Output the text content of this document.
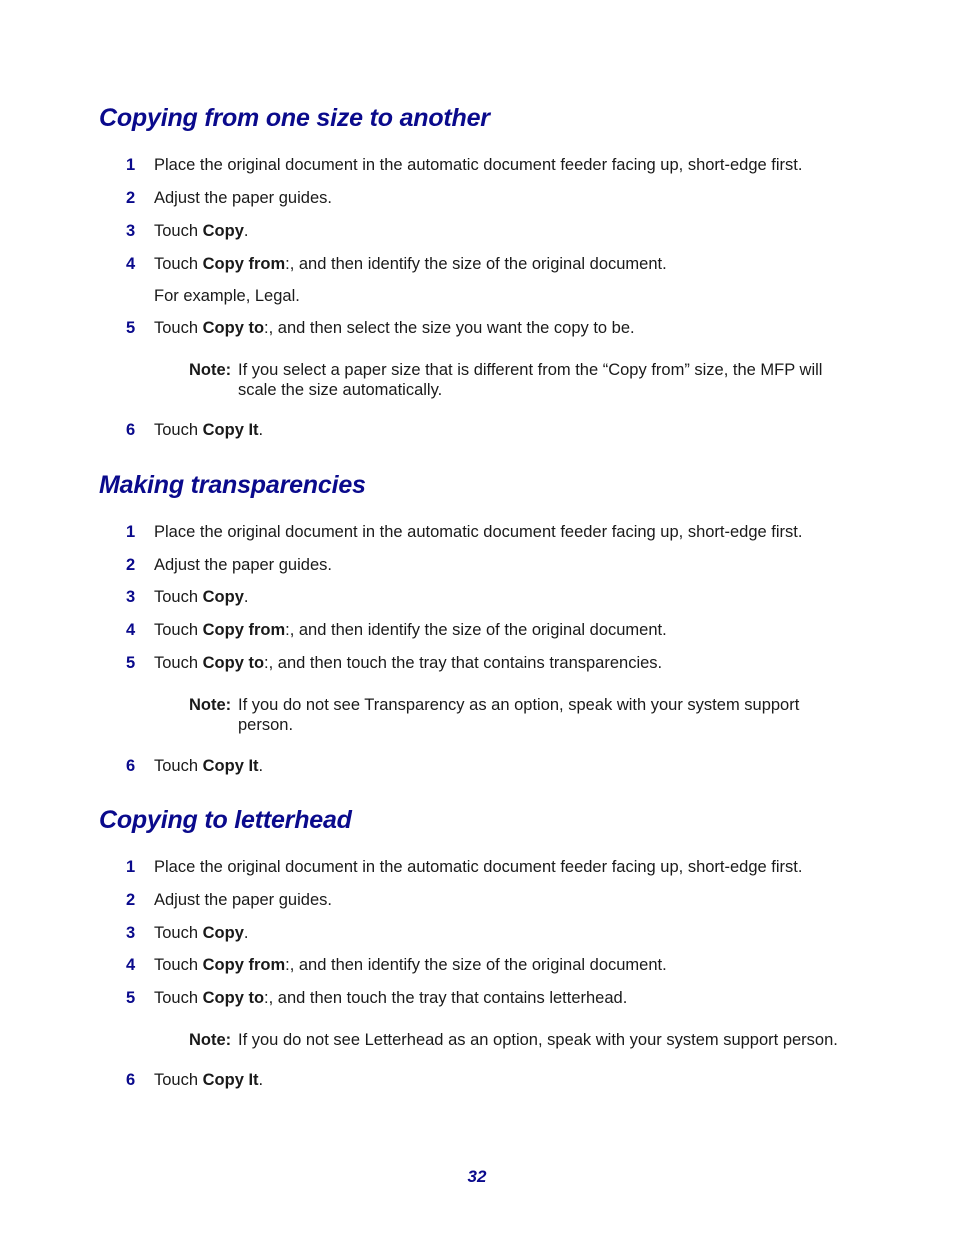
Copying from one size to another
1	Place the original document in the automatic document feeder facing up, short-edge first.
2	Adjust the paper guides.
3	Touch Copy.
4	Touch Copy from:, and then identify the size of the original document.
For example, Legal.
5	Touch Copy to:, and then select the size you want the copy to be.
Note: If you select a paper size that is different from the “Copy from” size, the MFP will scale the size automatically.
6	Touch Copy It.
Making transparencies
1	Place the original document in the automatic document feeder facing up, short-edge first.
2	Adjust the paper guides.
3	Touch Copy.
4	Touch Copy from:, and then identify the size of the original document.
5	Touch Copy to:, and then touch the tray that contains transparencies.
Note: If you do not see Transparency as an option, speak with your system support person.
6	Touch Copy It.
Copying to letterhead
1	Place the original document in the automatic document feeder facing up, short-edge first.
2	Adjust the paper guides.
3	Touch Copy.
4	Touch Copy from:, and then identify the size of the original document.
5	Touch Copy to:, and then touch the tray that contains letterhead.
Note: If you do not see Letterhead as an option, speak with your system support person.
6	Touch Copy It.
32
